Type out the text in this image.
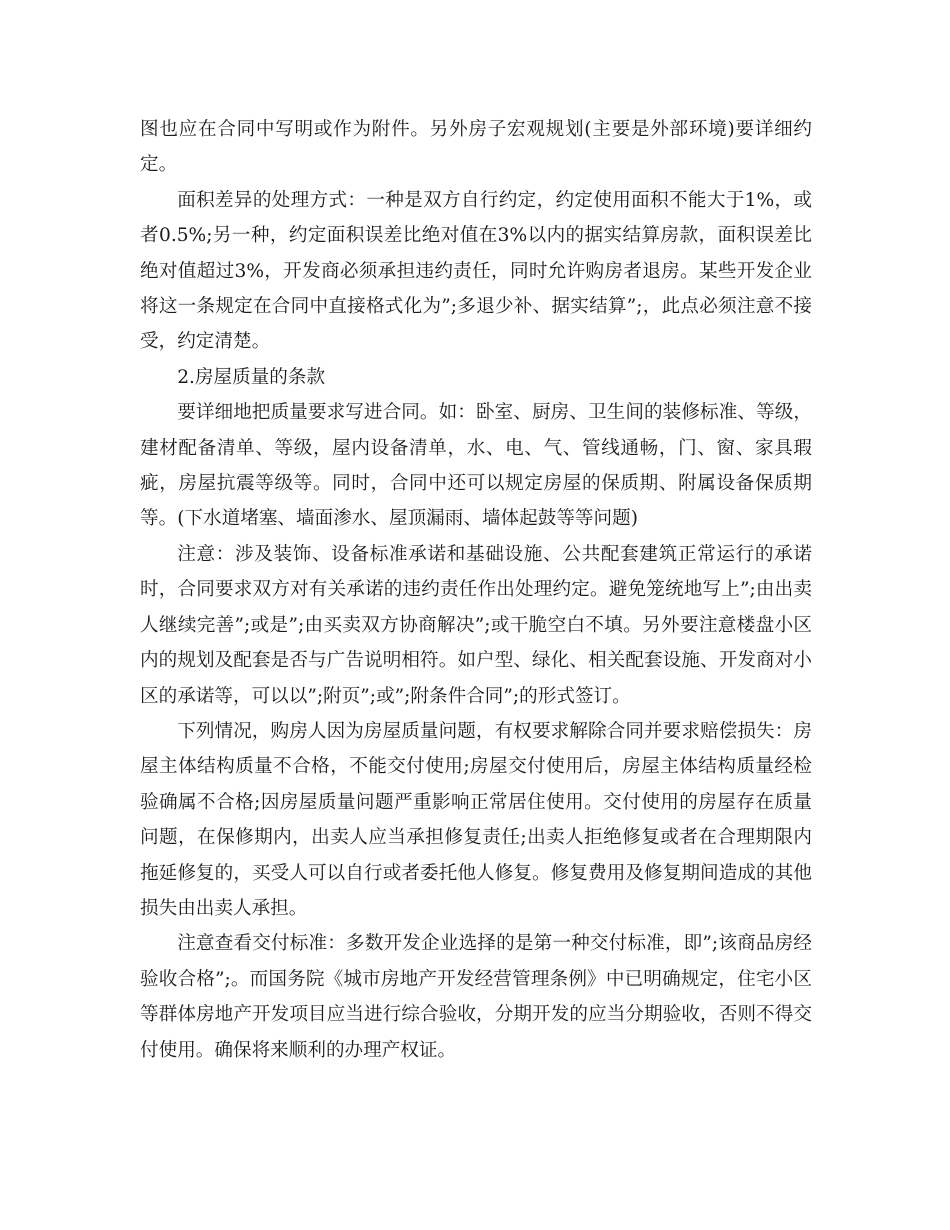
图也应在合同中写明或作为附件。另外房子宏观规划(主要是外部环境)要详细约定。

面积差异的处理方式：一种是双方自行约定，约定使用面积不能大于1%，或者0.5%;另一种，约定面积误差比绝对值在3%以内的据实结算房款，面积误差比绝对值超过3%，开发商必须承担违约责任，同时允许购房者退房。某些开发企业将这一条规定在合同中直接格式化为”;多退少补、据实结算”;，此点必须注意不接受，约定清楚。

2.房屋质量的条款

要详细地把质量要求写进合同。如：卧室、厨房、卫生间的装修标准、等级，建材配备清单、等级，屋内设备清单，水、电、气、管线通畅，门、窗、家具瑕疵，房屋抗震等级等。同时，合同中还可以规定房屋的保质期、附属设备保质期等。(下水道堵塞、墙面渗水、屋顶漏雨、墙体起鼓等等问题)

注意：涉及装饰、设备标准承诺和基础设施、公共配套建筑正常运行的承诺时，合同要求双方对有关承诺的违约责任作出处理约定。避免笼统地写上”;由出卖人继续完善”;或是”;由买卖双方协商解决”;或干脆空白不填。另外要注意楼盘小区内的规划及配套是否与广告说明相符。如户型、绿化、相关配套设施、开发商对小区的承诺等，可以以”;附页”;或”;附条件合同”;的形式签订。

下列情况，购房人因为房屋质量问题，有权要求解除合同并要求赔偿损失：房屋主体结构质量不合格，不能交付使用;房屋交付使用后，房屋主体结构质量经检验确属不合格;因房屋质量问题严重影响正常居住使用。交付使用的房屋存在质量问题，在保修期内，出卖人应当承担修复责任;出卖人拒绝修复或者在合理期限内拖延修复的，买受人可以自行或者委托他人修复。修复费用及修复期间造成的其他损失由出卖人承担。

注意查看交付标准：多数开发企业选择的是第一种交付标准，即”;该商品房经验收合格”;。而国务院《城市房地产开发经营管理条例》中已明确规定，住宅小区等群体房地产开发项目应当进行综合验收，分期开发的应当分期验收，否则不得交付使用。确保将来顺利的办理产权证。
